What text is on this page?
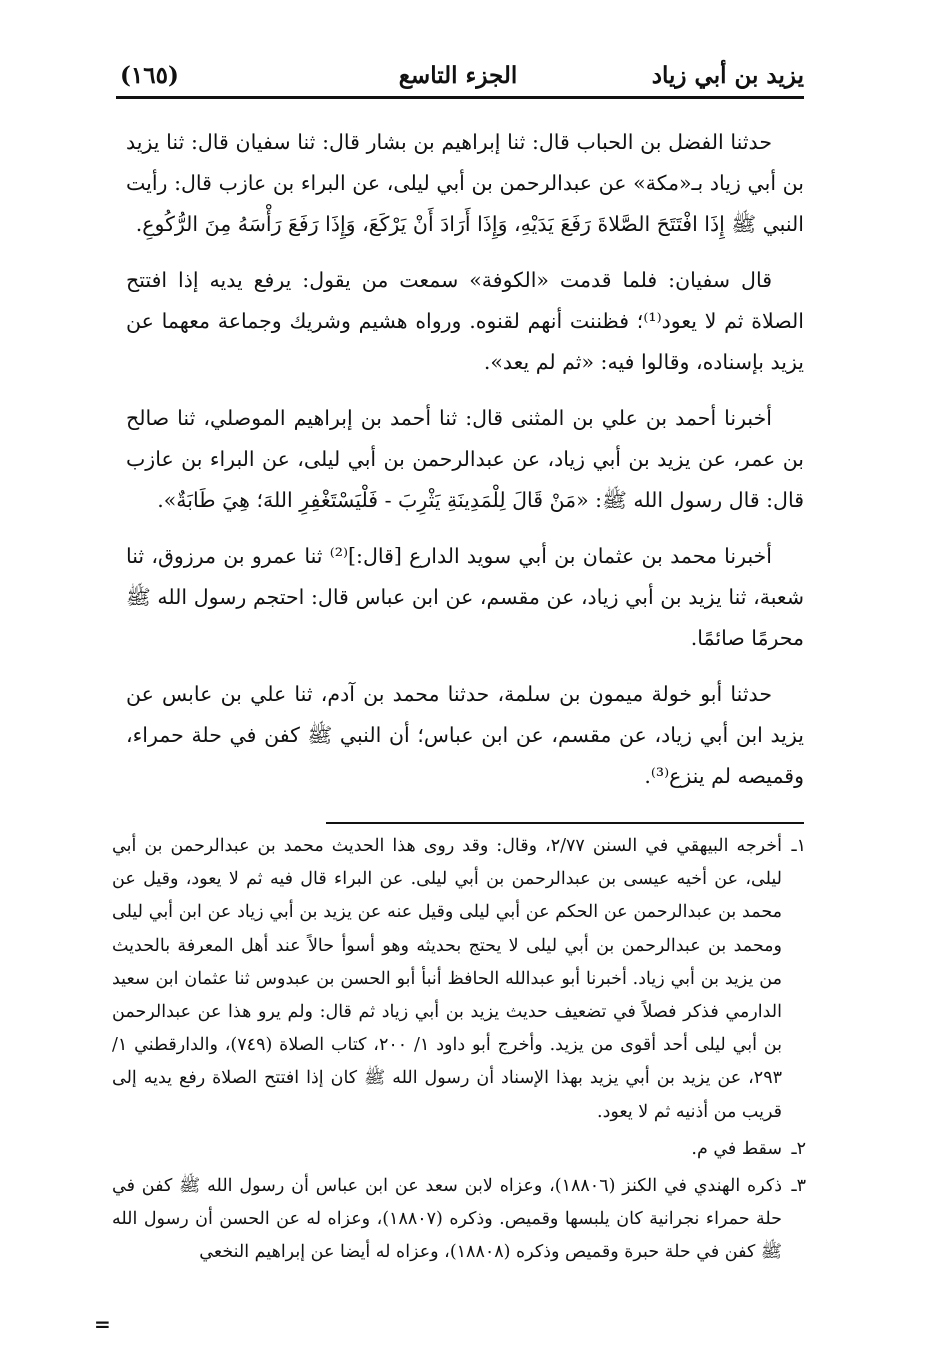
يزيد بن أبي زياد
الجزء التاسع
(١٦٥)

حدثنا الفضل بن الحباب قال: ثنا إبراهيم بن بشار قال: ثنا سفيان قال: ثنا يزيد بن أبي زياد بـ«مكة» عن عبدالرحمن بن أبي ليلى، عن البراء بن عازب قال: رأيت النبي ﷺ إِذَا افْتَتَحَ الصَّلاةَ رَفَعَ يَدَيْهِ، وَإِذَا أَرَادَ أَنْ يَرْكَعَ، وَإِذَا رَفَعَ رَأْسَهُ مِنَ الرُّكُوعِ.

قال سفيان: فلما قدمت «الكوفة» سمعت من يقول: يرفع يديه إذا افتتح الصلاة ثم لا يعود⁽¹⁾؛ فظننت أنهم لقنوه. ورواه هشيم وشريك وجماعة معهما عن يزيد بإسناده، وقالوا فيه: «ثم لم يعد».

أخبرنا أحمد بن علي بن المثنى قال: ثنا أحمد بن إبراهيم الموصلي، ثنا صالح بن عمر، عن يزيد بن أبي زياد، عن عبدالرحمن بن أبي ليلى، عن البراء بن عازب قال: قال رسول الله ﷺ: «مَنْ قَالَ لِلْمَدِينَةِ يَثْرِبَ - فَلْيَسْتَغْفِرِ اللهَ؛ هِيَ طَابَةٌ».

أخبرنا محمد بن عثمان بن أبي سويد الدارع [قال:]⁽²⁾ ثنا عمرو بن مرزوق، ثنا شعبة، ثنا يزيد بن أبي زياد، عن مقسم، عن ابن عباس قال: احتجم رسول الله ﷺ محرمًا صائمًا.

حدثنا أبو خولة ميمون بن سلمة، حدثنا محمد بن آدم، ثنا علي بن عابس عن يزيد ابن أبي زياد، عن مقسم، عن ابن عباس؛ أن النبي ﷺ كفن في حلة حمراء، وقميصه لم ينزع⁽³⁾.

١ـ
أخرجه البيهقي في السنن ٢/٧٧، وقال: وقد روى هذا الحديث محمد بن عبدالرحمن بن أبي ليلى، عن أخيه عيسى بن عبدالرحمن بن أبي ليلى. عن البراء قال فيه ثم لا يعود، وقيل عن محمد بن عبدالرحمن عن الحكم عن أبي ليلى وقيل عنه عن يزيد بن أبي زياد عن ابن أبي ليلى ومحمد بن عبدالرحمن بن أبي ليلى لا يحتج بحديثه وهو أسوأ حالاً عند أهل المعرفة بالحديث من يزيد بن أبي زياد. أخبرنا أبو عبدالله الحافظ أنبأ أبو الحسن بن عبدوس ثنا عثمان ابن سعيد الدارمي فذكر فصلاً في تضعيف حديث يزيد بن أبي زياد ثم قال: ولم يرو هذا عن عبدالرحمن بن أبي ليلى أحد أقوى من يزيد. وأخرج أبو داود ١/ ٢٠٠، كتاب الصلاة (٧٤٩)، والدارقطني ١/ ٢٩٣، عن يزيد بن أبي يزيد بهذا الإسناد أن رسول الله ﷺ كان إذا افتتح الصلاة رفع يديه إلى قريب من أذنيه ثم لا يعود.
٢ـ
سقط في م.
٣ـ
ذكره الهندي في الكنز (١٨٨٠٦)، وعزاه لابن سعد عن ابن عباس أن رسول الله ﷺ كفن في حلة حمراء نجرانية كان يلبسها وقميص. وذكره (١٨٨٠٧)، وعزاه له عن الحسن أن رسول الله ﷺ كفن في حلة حبرة وقميص وذكره (١٨٨٠٨)، وعزاه له أيضا عن إبراهيم النخعي
=
